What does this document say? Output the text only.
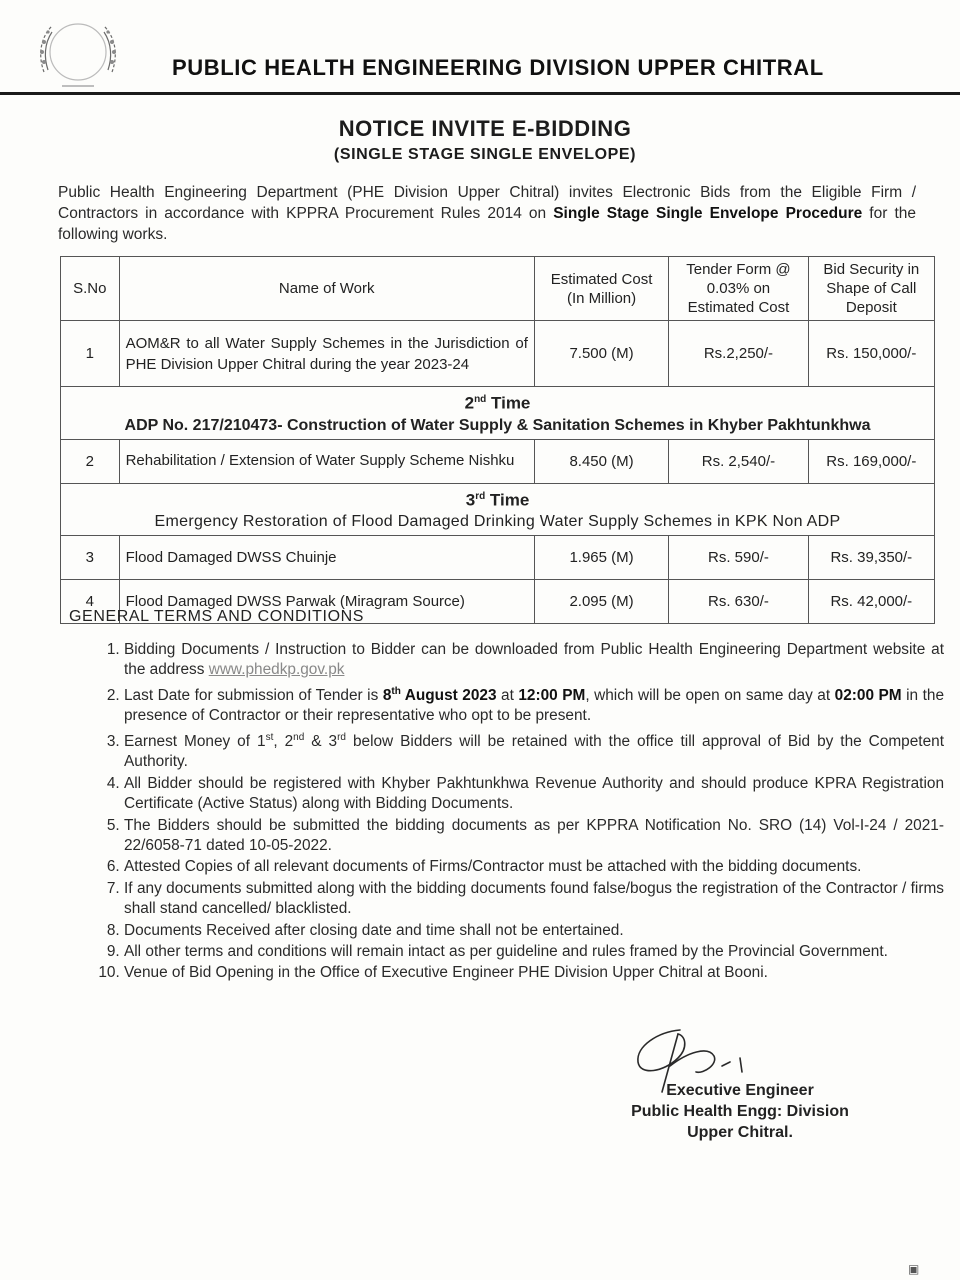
PUBLIC HEALTH ENGINEERING DIVISION UPPER CHITRAL
NOTICE INVITE E-BIDDING
(SINGLE STAGE SINGLE ENVELOPE)
Public Health Engineering Department (PHE Division Upper Chitral) invites Electronic Bids from the Eligible Firm / Contractors in accordance with KPPRA Procurement Rules 2014 on Single Stage Single Envelope Procedure for the following works.
S.No	Name of Work	Estimated Cost (In Million)	Tender Form @ 0.03% on Estimated Cost	Bid Security in Shape of Call Deposit
1	AOM&R to all Water Supply Schemes in the Jurisdiction of PHE Division Upper Chitral during the year 2023-24	7.500 (M)	Rs.2,250/-	Rs. 150,000/-

2nd Time
ADP No. 217/210473- Construction of Water Supply & Sanitation Schemes in Khyber Pakhtunkhwa				

2	Rehabilitation / Extension of Water Supply Scheme Nishku	8.450 (M)	Rs. 2,540/-	Rs. 169,000/-

3rd Time
Emergency Restoration of Flood Damaged Drinking Water Supply Schemes in KPK Non ADP				

3	Flood Damaged DWSS Chuinje	1.965 (M)	Rs. 590/-	Rs. 39,350/-
4	Flood Damaged DWSS Parwak (Miragram Source)	2.095 (M)	Rs. 630/-	Rs. 42,000/-
GENERAL TERMS AND CONDITIONS
1. Bidding Documents / Instruction to Bidder can be downloaded from Public Health Engineering Department website at the address www.phedkp.gov.pk
2. Last Date for submission of Tender is 8th August 2023 at 12:00 PM, which will be open on same day at 02:00 PM in the presence of Contractor or their representative who opt to be present.
3. Earnest Money of 1st, 2nd & 3rd below Bidders will be retained with the office till approval of Bid by the Competent Authority.
4. All Bidder should be registered with Khyber Pakhtunkhwa Revenue Authority and should produce KPRA Registration Certificate (Active Status) along with Bidding Documents.
5. The Bidders should be submitted the bidding documents as per KPPRA Notification No. SRO (14) Vol-I-24 / 2021-22/6058-71 dated 10-05-2022.
6. Attested Copies of all relevant documents of Firms/Contractor must be attached with the bidding documents.
7. If any documents submitted along with the bidding documents found false/bogus the registration of the Contractor / firms shall stand cancelled/ blacklisted.
8. Documents Received after closing date and time shall not be entertained.
9. All other terms and conditions will remain intact as per guideline and rules framed by the Provincial Government.
10. Venue of Bid Opening in the Office of Executive Engineer PHE Division Upper Chitral at Booni.
Executive Engineer
Public Health Engg: Division
Upper Chitral.
▣
